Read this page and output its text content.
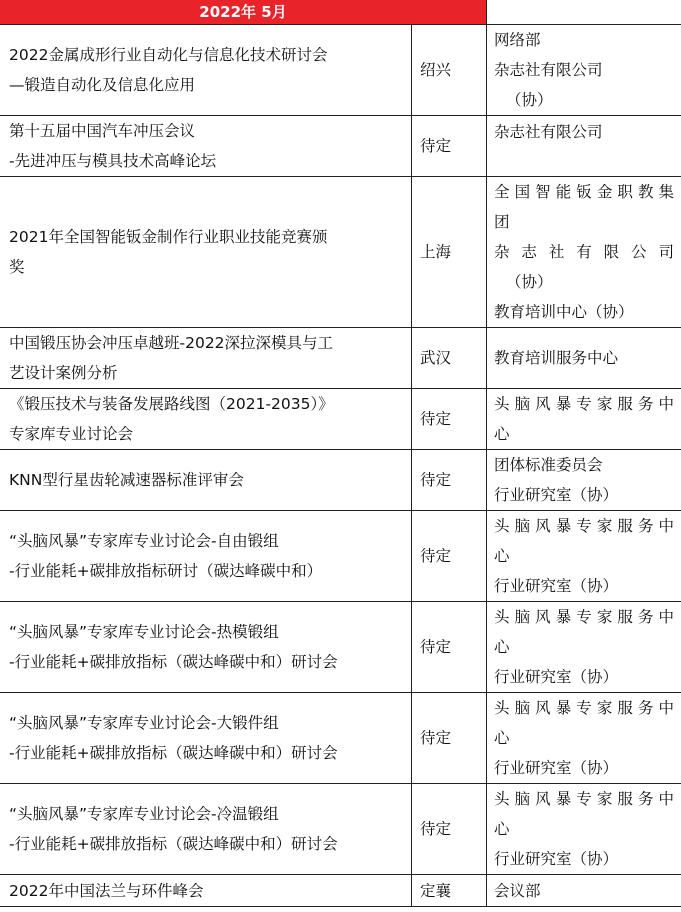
2022年 5月		

2022金属成形行业自动化与信息化技术研讨会
—锻造自动化及信息化应用	绍兴	网络部
杂志社有限公司
（协）

第十五届中国汽车冲压会议
-先进冲压与模具技术高峰论坛	待定	杂志社有限公司

2021年全国智能钣金制作行业职业技能竞赛颁
奖	上海	全国智能钣金职教集
团
杂志社有限公司
（协）
教育培训中心（协）

中国锻压协会冲压卓越班-2022深拉深模具与工
艺设计案例分析	武汉	教育培训服务中心

《锻压技术与装备发展路线图（2021-2035）》
专家库专业讨论会	待定	头脑风暴专家服务中
心

KNN型行星齿轮减速器标准评审会	待定	团体标准委员会
行业研究室（协）

“头脑风暴”专家库专业讨论会-自由锻组
-行业能耗+碳排放指标研讨（碳达峰碳中和）	待定	头脑风暴专家服务中
心
行业研究室（协）

“头脑风暴”专家库专业讨论会-热模锻组
-行业能耗+碳排放指标（碳达峰碳中和）研讨会	待定	头脑风暴专家服务中
心
行业研究室（协）

“头脑风暴”专家库专业讨论会-大锻件组
-行业能耗+碳排放指标（碳达峰碳中和）研讨会	待定	头脑风暴专家服务中
心
行业研究室（协）

“头脑风暴”专家库专业讨论会-冷温锻组
-行业能耗+碳排放指标（碳达峰碳中和）研讨会	待定	头脑风暴专家服务中
心
行业研究室（协）

2022年中国法兰与环件峰会	定襄	会议部
